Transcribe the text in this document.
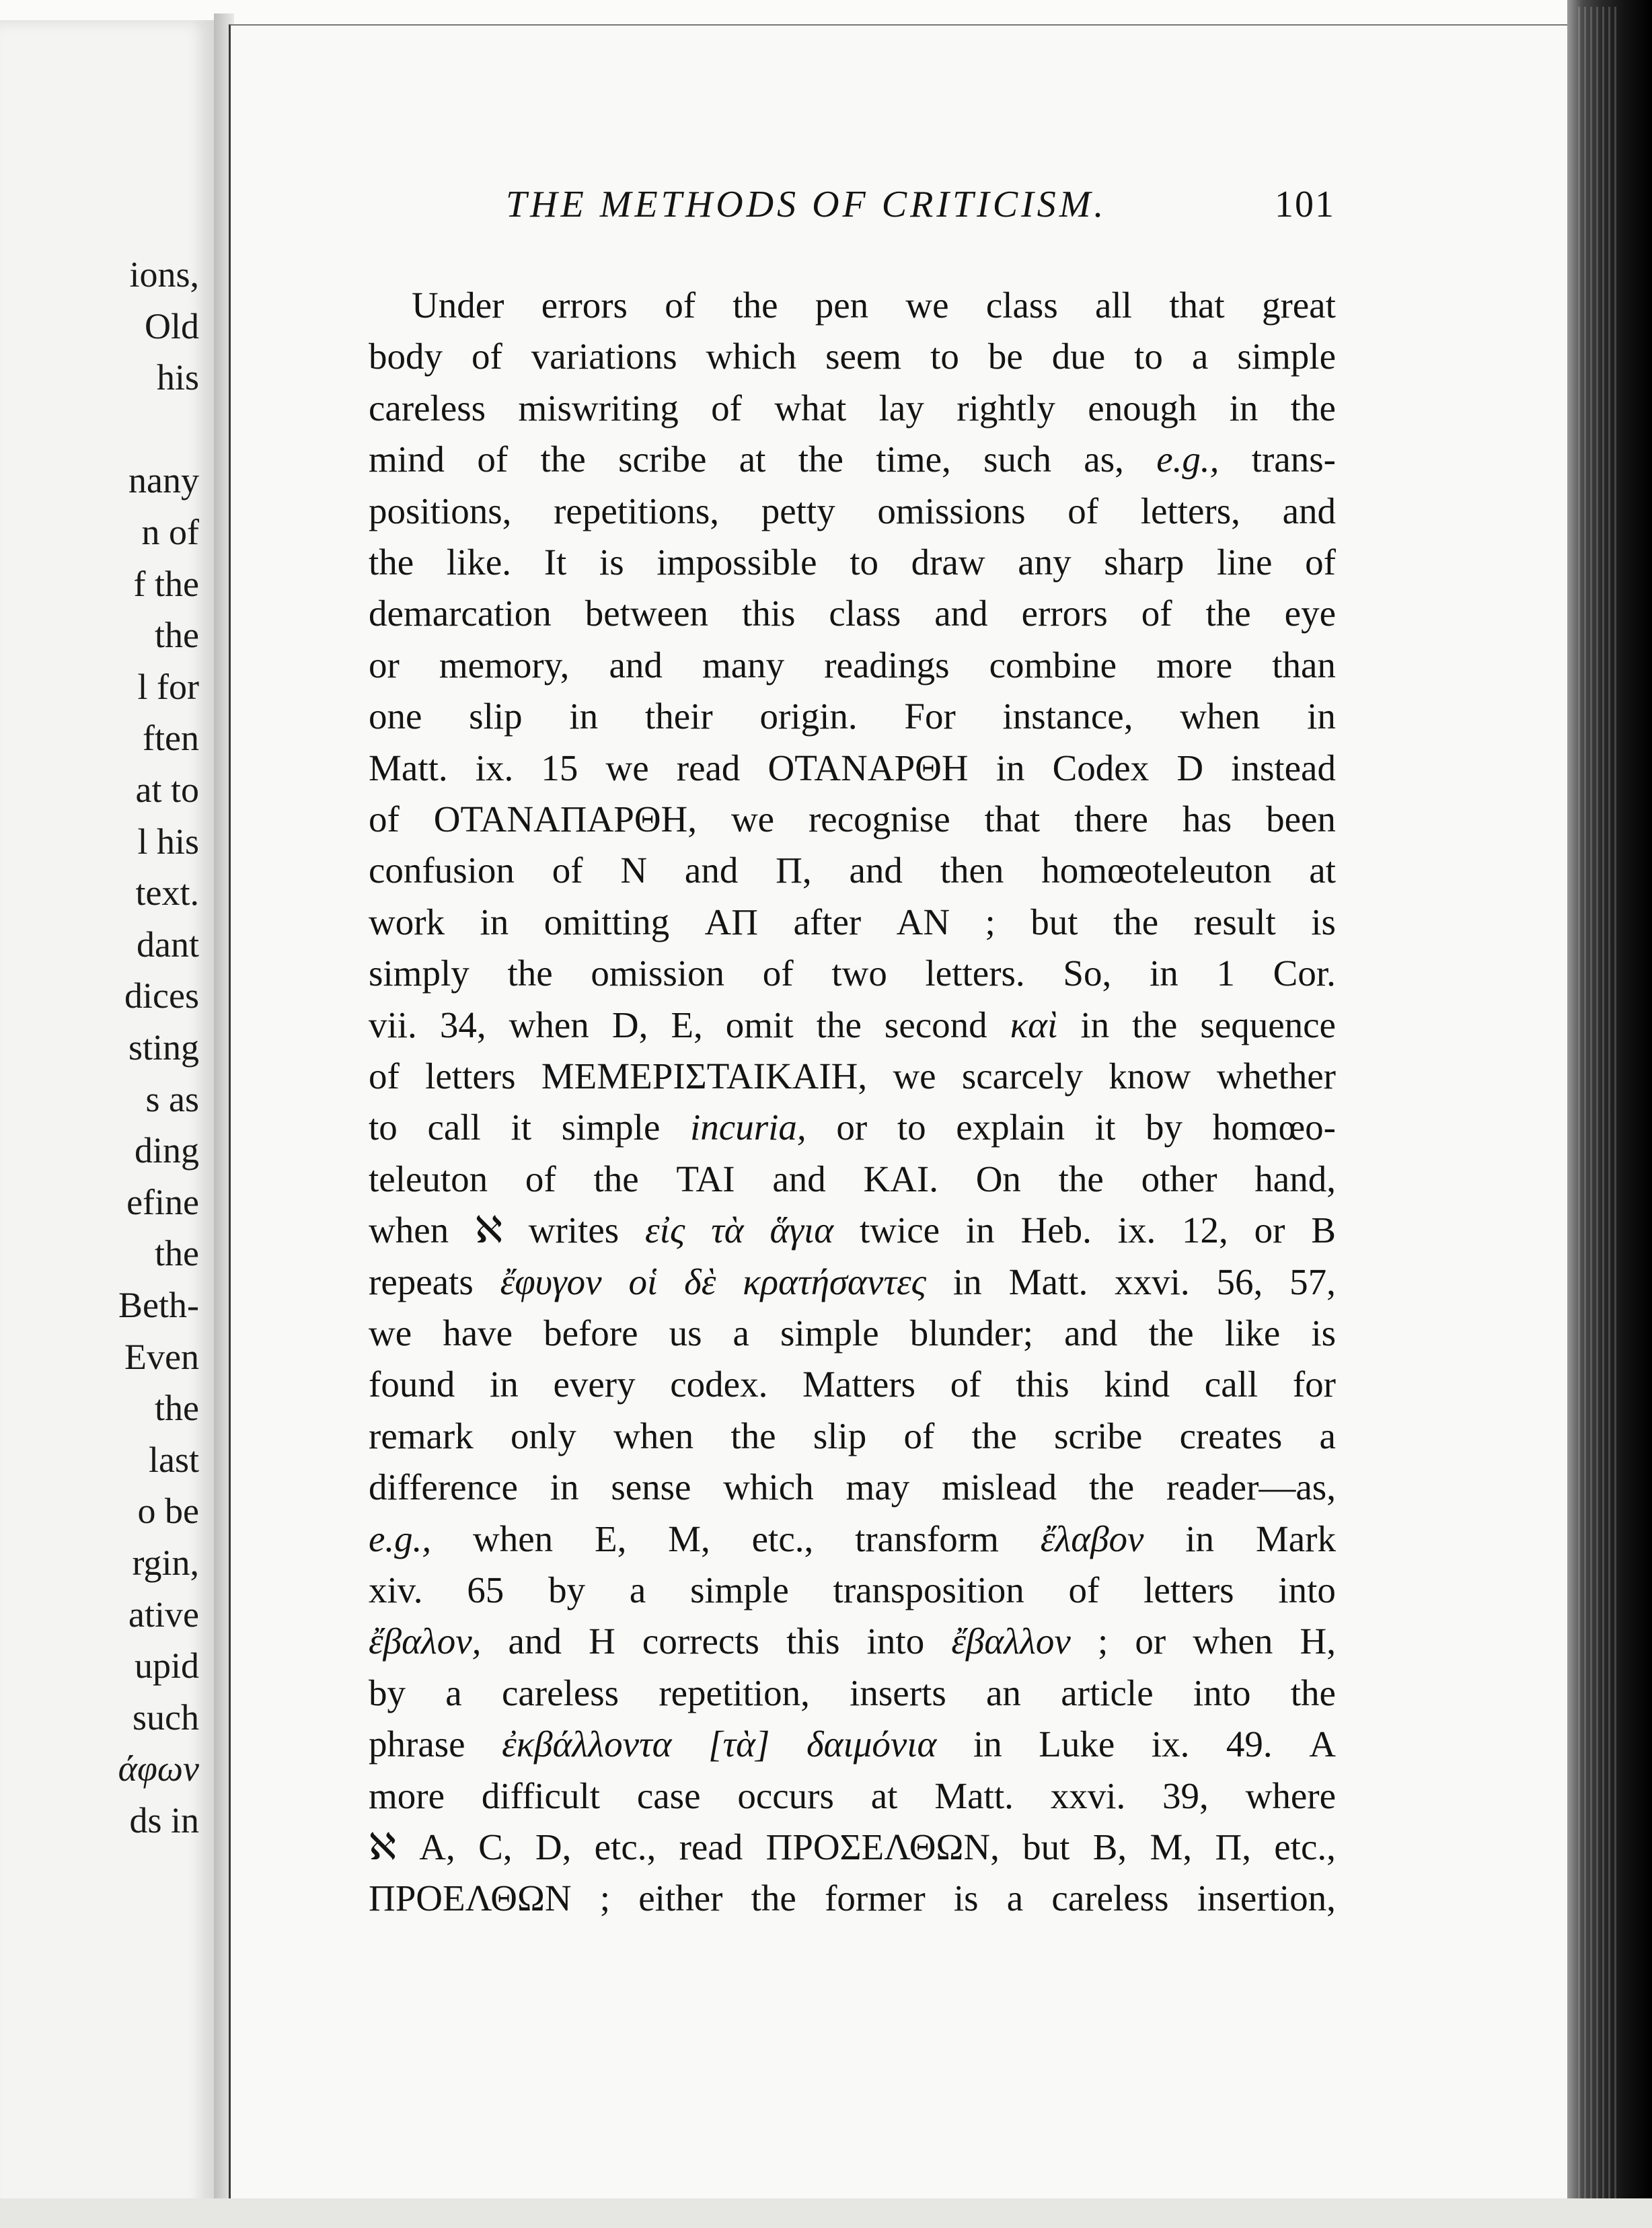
ions,
Old
his
nany
n of
f the
the
l for
ften
at to
l his
text.
dant
dices
sting
s as
ding
efine
the
Beth-
Even
the
last
o be
rgin,
ative
upid
such
άφων
ds in
THE METHODS OF CRITICISM.	101
Under errors of the pen we class all that great
body of variations which seem to be due to a simple
careless miswriting of what lay rightly enough in the
mind of the scribe at the time, such as, e.g., trans-
positions, repetitions, petty omissions of letters, and
the like. It is impossible to draw any sharp line of
demarcation between this class and errors of the eye
or memory, and many readings combine more than
one slip in their origin. For instance, when in
Matt. ix. 15 we read ΟΤΑΝΑΡΘΗ in Codex D instead
of ΟΤΑΝΑΠΑΡΘΗ, we recognise that there has been
confusion of Ν and Π, and then homœoteleuton at
work in omitting ΑΠ after ΑΝ ; but the result is
simply the omission of two letters. So, in 1 Cor.
vii. 34, when D, E, omit the second καὶ in the sequence
of letters ΜΕΜΕΡΙΣΤΑΙΚΑΙΗ, we scarcely know whether
to call it simple incuria, or to explain it by homœo-
teleuton of the ΤΑΙ and ΚΑΙ. On the other hand,
when ℵ writes εἰς τὰ ἅγια twice in Heb. ix. 12, or B
repeats ἔφυγον οἱ δὲ κρατήσαντες in Matt. xxvi. 56, 57,
we have before us a simple blunder; and the like is
found in every codex. Matters of this kind call for
remark only when the slip of the scribe creates a
difference in sense which may mislead the reader—as,
e.g., when E, M, etc., transform ἔλαβον in Mark
xiv. 65 by a simple transposition of letters into
ἔβαλον, and H corrects this into ἔβαλλον ; or when H,
by a careless repetition, inserts an article into the
phrase ἐκβάλλοντα [τὰ] δαιμόνια in Luke ix. 49. A
more difficult case occurs at Matt. xxvi. 39, where
ℵ A, C, D, etc., read ΠΡΟΣΕΛΘΩΝ, but B, M, Π, etc.,
ΠΡΟΕΛΘΩΝ ; either the former is a careless insertion,
